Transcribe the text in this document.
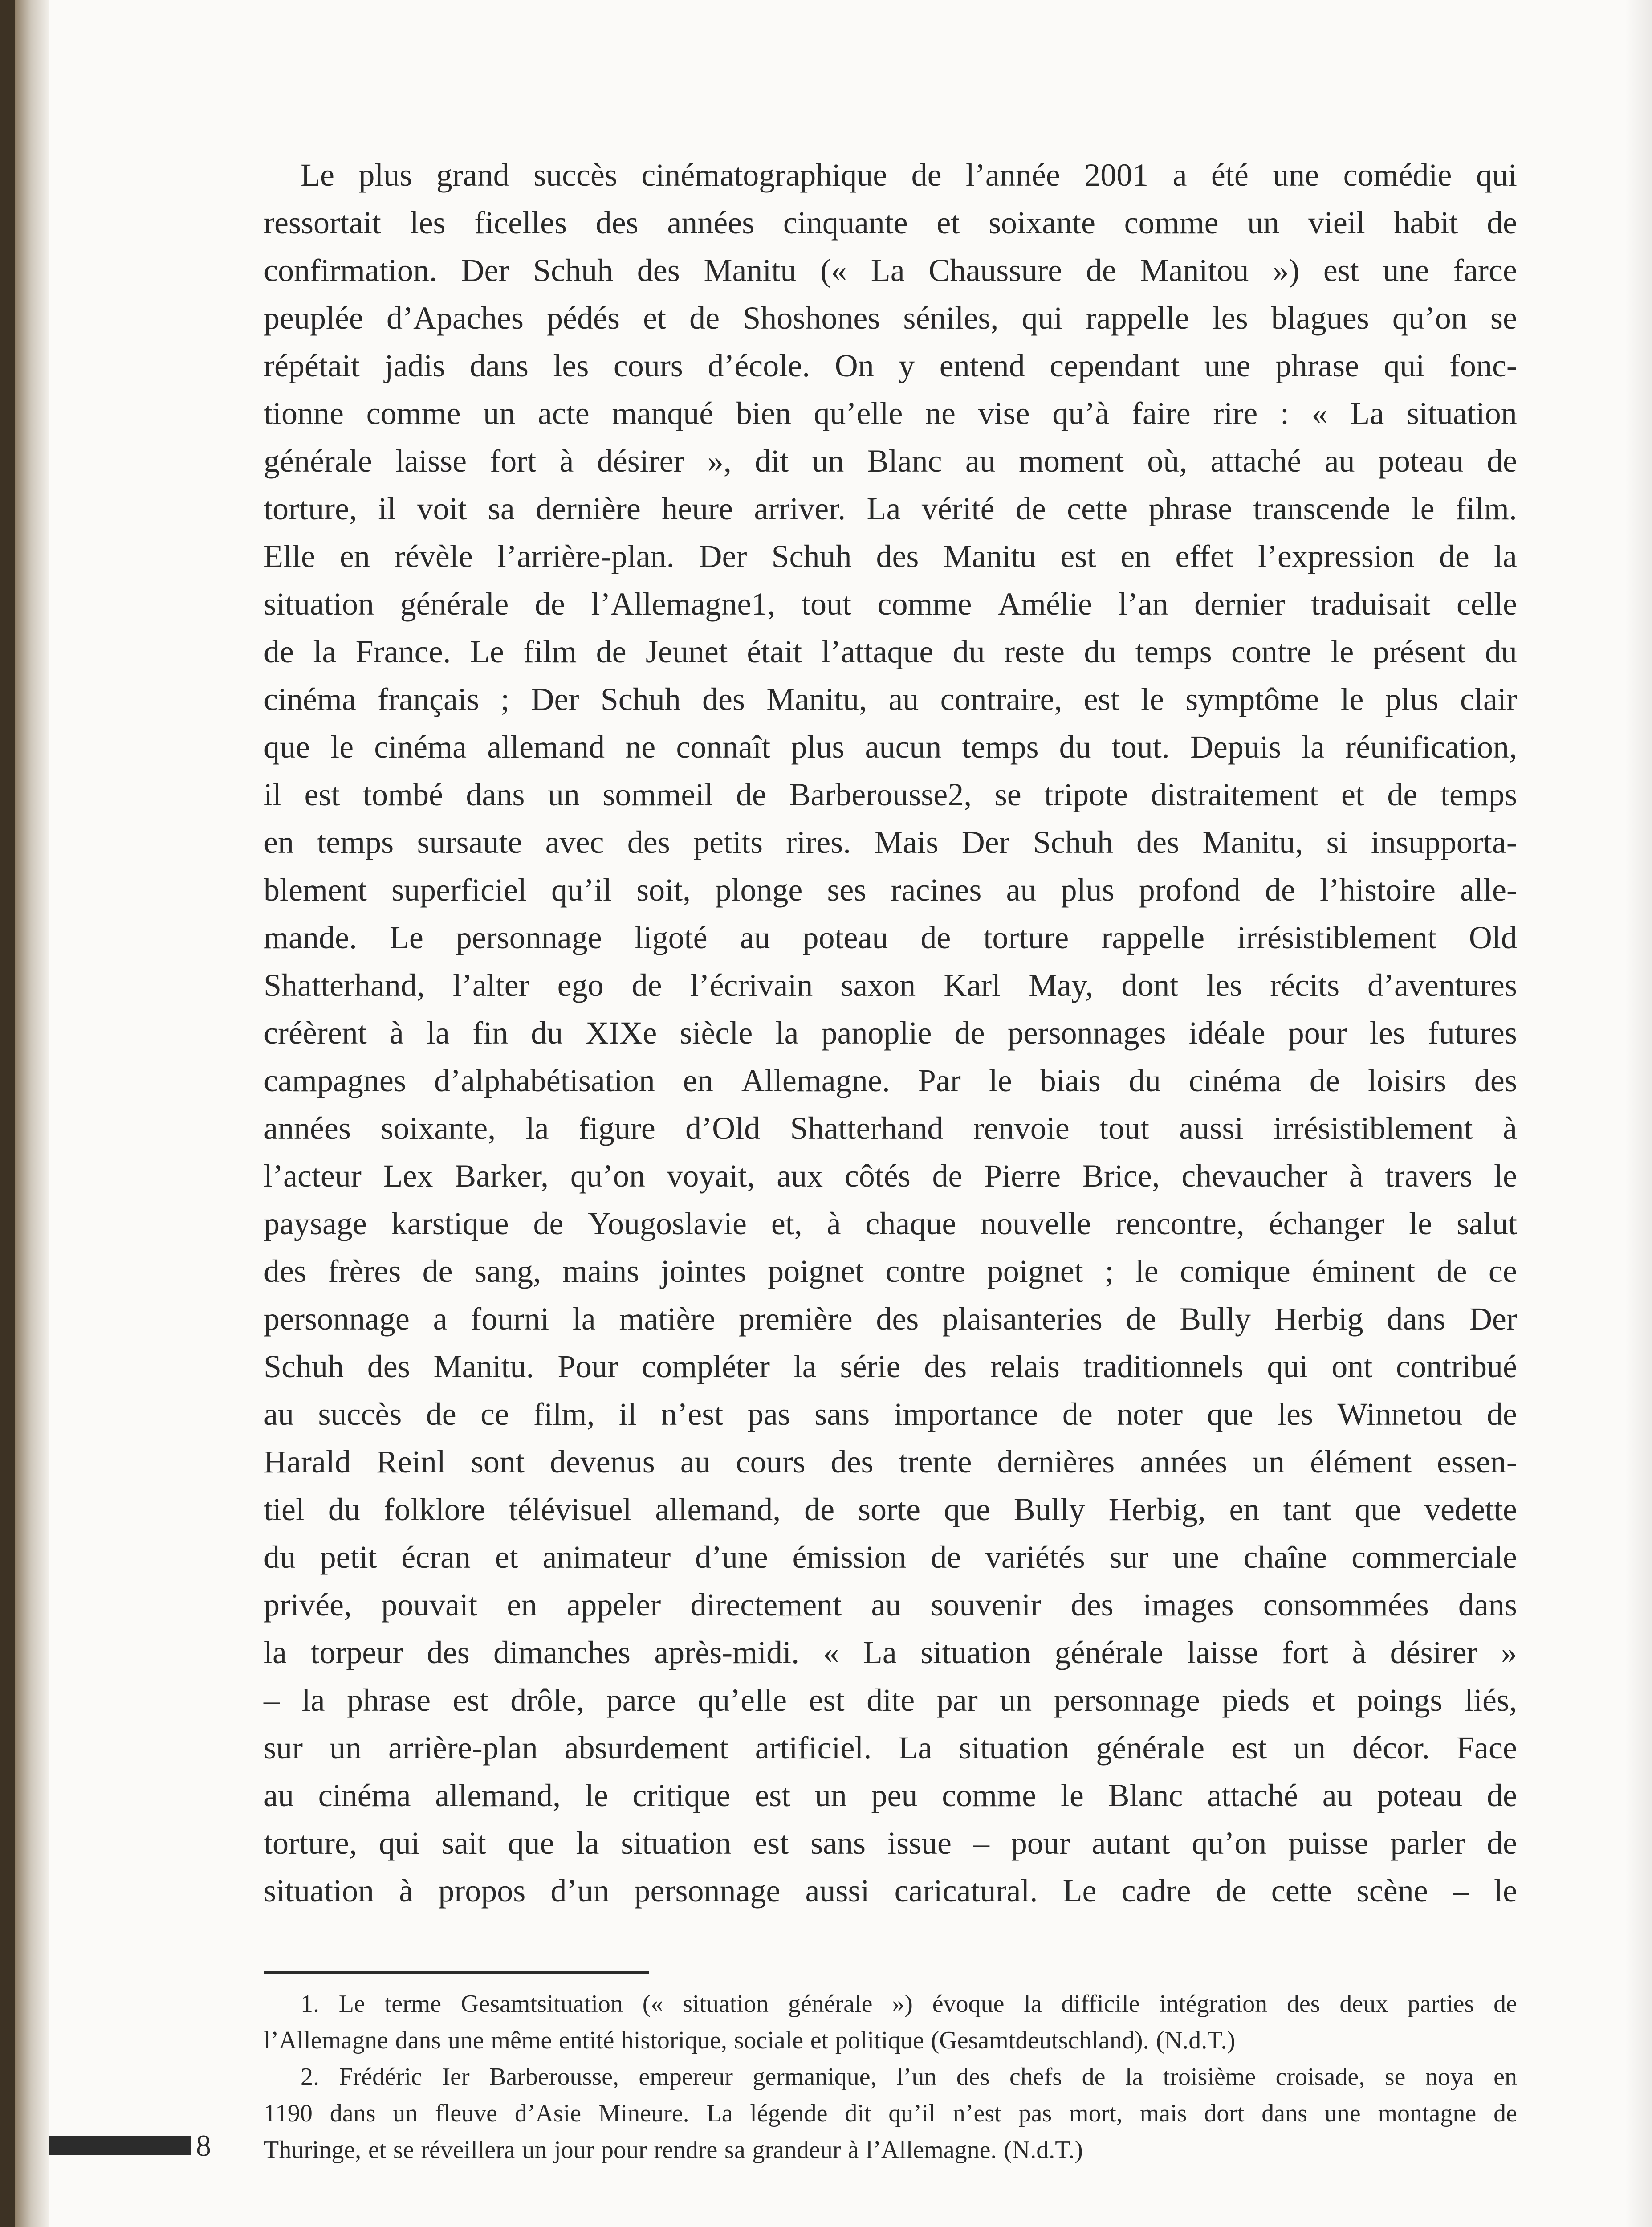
Le plus grand succès cinématographique de l’année 2001 a été une comédie qui
ressortait les ficelles des années cinquante et soixante comme un vieil habit de
confirmation. Der Schuh des Manitu (« La Chaussure de Manitou ») est une farce
peuplée d’Apaches pédés et de Shoshones séniles, qui rappelle les blagues qu’on se
répétait jadis dans les cours d’école. On y entend cependant une phrase qui fonc-
tionne comme un acte manqué bien qu’elle ne vise qu’à faire rire : « La situation
générale laisse fort à désirer », dit un Blanc au moment où, attaché au poteau de
torture, il voit sa dernière heure arriver. La vérité de cette phrase transcende le film.
Elle en révèle l’arrière-plan. Der Schuh des Manitu est en effet l’expression de la
situation générale de l’Allemagne1, tout comme Amélie l’an dernier traduisait celle
de la France. Le film de Jeunet était l’attaque du reste du temps contre le présent du
cinéma français ; Der Schuh des Manitu, au contraire, est le symptôme le plus clair
que le cinéma allemand ne connaît plus aucun temps du tout. Depuis la réunification,
il est tombé dans un sommeil de Barberousse2, se tripote distraitement et de temps
en temps sursaute avec des petits rires. Mais Der Schuh des Manitu, si insupporta-
blement superficiel qu’il soit, plonge ses racines au plus profond de l’histoire alle-
mande. Le personnage ligoté au poteau de torture rappelle irrésistiblement Old
Shatterhand, l’alter ego de l’écrivain saxon Karl May, dont les récits d’aventures
créèrent à la fin du XIXe siècle la panoplie de personnages idéale pour les futures
campagnes d’alphabétisation en Allemagne. Par le biais du cinéma de loisirs des
années soixante, la figure d’Old Shatterhand renvoie tout aussi irrésistiblement à
l’acteur Lex Barker, qu’on voyait, aux côtés de Pierre Brice, chevaucher à travers le
paysage karstique de Yougoslavie et, à chaque nouvelle rencontre, échanger le salut
des frères de sang, mains jointes poignet contre poignet ; le comique éminent de ce
personnage a fourni la matière première des plaisanteries de Bully Herbig dans Der
Schuh des Manitu. Pour compléter la série des relais traditionnels qui ont contribué
au succès de ce film, il n’est pas sans importance de noter que les Winnetou de
Harald Reinl sont devenus au cours des trente dernières années un élément essen-
tiel du folklore télévisuel allemand, de sorte que Bully Herbig, en tant que vedette
du petit écran et animateur d’une émission de variétés sur une chaîne commerciale
privée, pouvait en appeler directement au souvenir des images consommées dans
la torpeur des dimanches après-midi. « La situation générale laisse fort à désirer »
– la phrase est drôle, parce qu’elle est dite par un personnage pieds et poings liés,
sur un arrière-plan absurdement artificiel. La situation générale est un décor. Face
au cinéma allemand, le critique est un peu comme le Blanc attaché au poteau de
torture, qui sait que la situation est sans issue – pour autant qu’on puisse parler de
situation à propos d’un personnage aussi caricatural. Le cadre de cette scène – le
1. Le terme Gesamtsituation (« situation générale ») évoque la difficile intégration des deux parties de
l’Allemagne dans une même entité historique, sociale et politique (Gesamtdeutschland). (N.d.T.)
2. Frédéric Ier Barberousse, empereur germanique, l’un des chefs de la troisième croisade, se noya en
1190 dans un fleuve d’Asie Mineure. La légende dit qu’il n’est pas mort, mais dort dans une montagne de
Thuringe, et se réveillera un jour pour rendre sa grandeur à l’Allemagne. (N.d.T.)
8
